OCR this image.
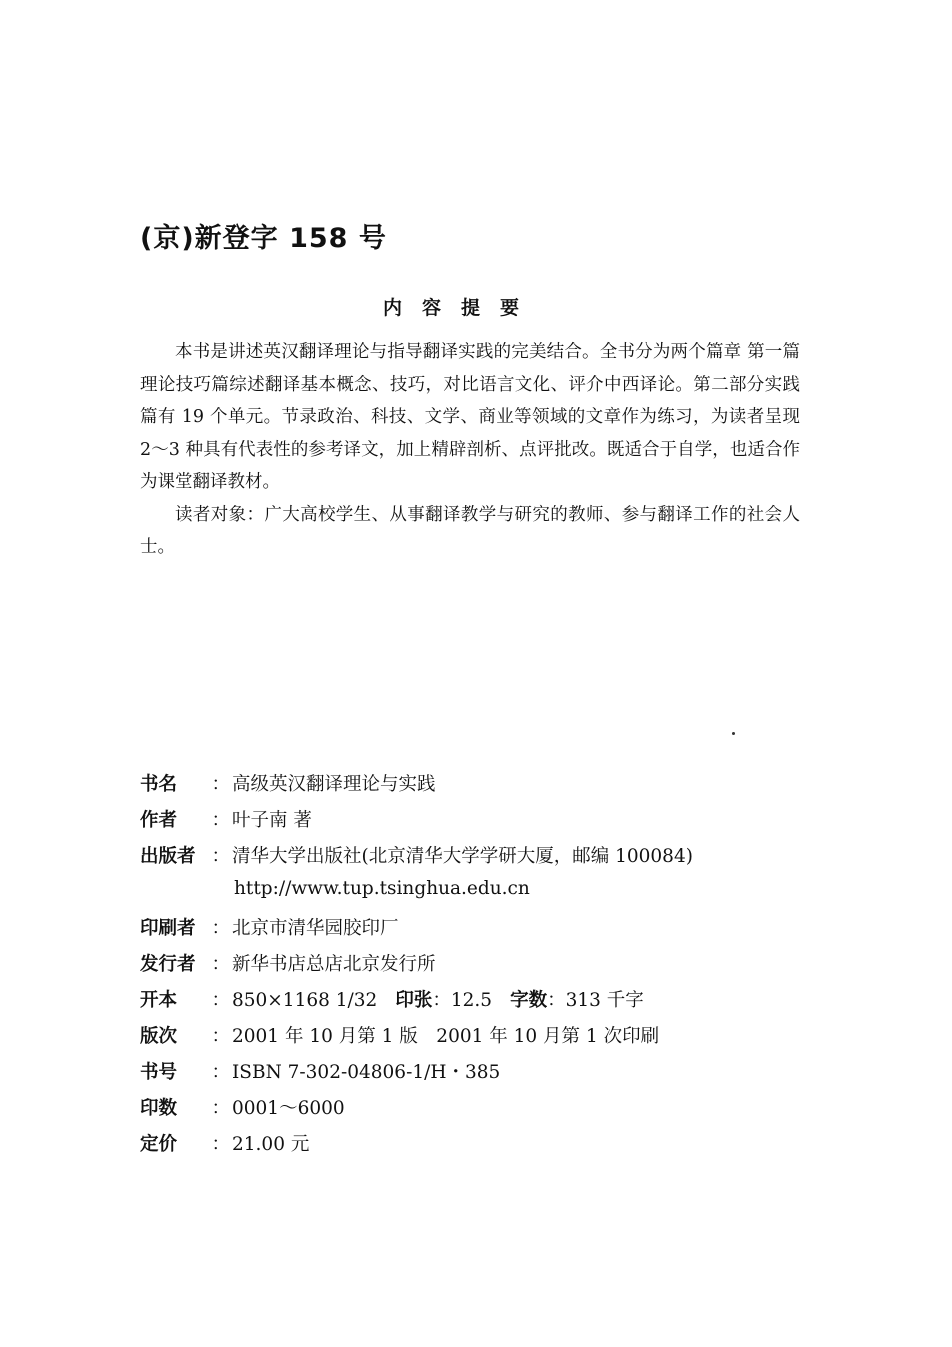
(京)新登字 158 号
内容提要

本书是讲述英汉翻译理论与指导翻译实践的完美结合。全书分为两个篇章 第一篇理论技巧篇综述翻译基本概念、技巧，对比语言文化、评介中西译论。第二部分实践篇有 19 个单元。节录政治、科技、文学、商业等领域的文章作为练习，为读者呈现 2～3 种具有代表性的参考译文，加上精辟剖析、点评批改。既适合于自学，也适合作为课堂翻译教材。

读者对象：广大高校学生、从事翻译教学与研究的教师、参与翻译工作的社会人士。

书名 ： 高级英汉翻译理论与实践
作者 ： 叶子南 著
出版者 ： 清华大学出版社(北京清华大学学研大厦，邮编 100084)
http://www.tup.tsinghua.edu.cn
印刷者 ： 北京市清华园胶印厂
发行者 ： 新华书店总店北京发行所
开本 ： 850×1168 1/32 印张 ： 12.5 字数 ： 313 千字
版次 ： 2001 年 10 月第 1 版　2001 年 10 月第 1 次印刷
书号 ： ISBN 7-302-04806-1/H・385
印数 ： 0001～6000
定价 ： 21.00 元
